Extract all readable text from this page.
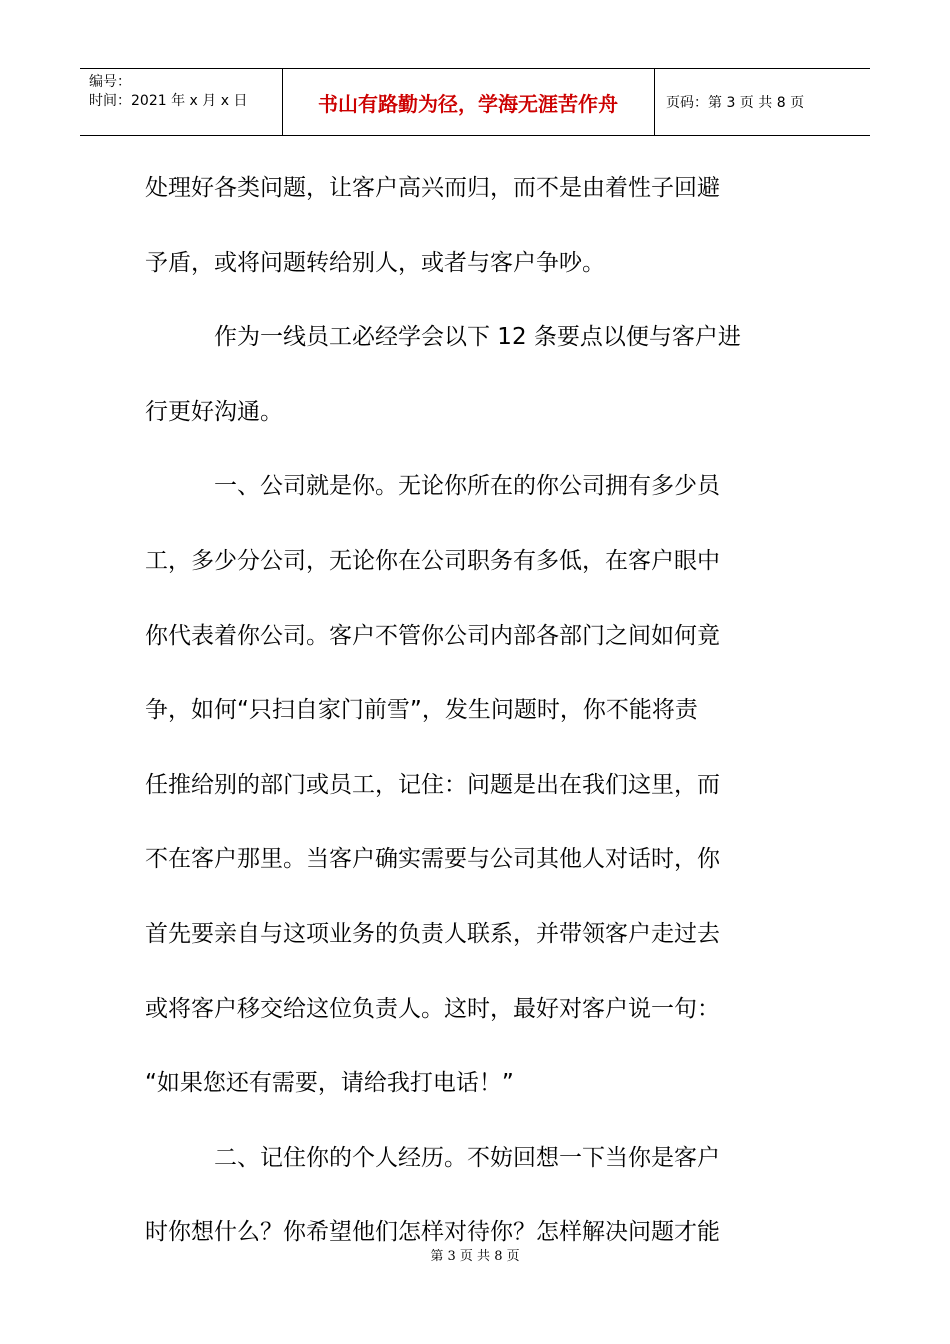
编号：
时间：2021 年 x 月 x 日	书山有路勤为径，学海无涯苦作舟	页码：第 3 页 共 8 页

处理好各类问题，让客户高兴而归，而不是由着性子回避

予盾，或将问题转给别人，或者与客户争吵。

　　　作为一线员工必经学会以下 12 条要点以便与客户进

行更好沟通。

　　　一、公司就是你。无论你所在的你公司拥有多少员

工，多少分公司，无论你在公司职务有多低，在客户眼中

你代表着你公司。客户不管你公司内部各部门之间如何竟

争，如何“只扫自家门前雪”，发生问题时，你不能将责

任推给别的部门或员工，记住：问题是出在我们这里，而

不在客户那里。当客户确实需要与公司其他人对话时，你

首先要亲自与这项业务的负责人联系，并带领客户走过去

或将客户移交给这位负责人。这时，最好对客户说一句：

“如果您还有需要，请给我打电话！”

　　　二、记住你的个人经历。不妨回想一下当你是客户

时你想什么？你希望他们怎样对待你？怎样解决问题才能

第 3 页 共 8 页
